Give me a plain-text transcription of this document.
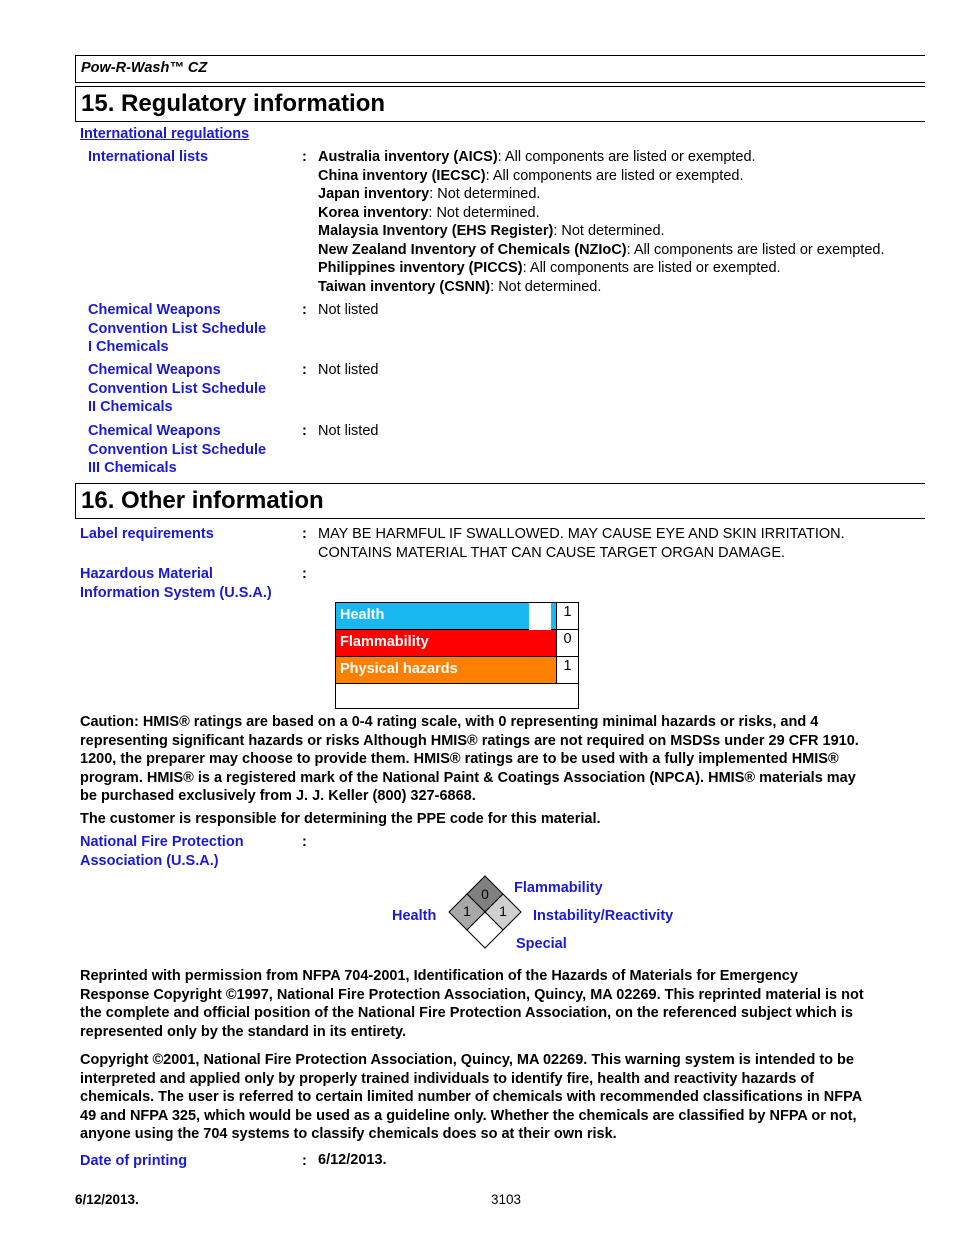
Pow-R-Wash™ CZ
15. Regulatory information
International regulations
International lists	: Australia inventory (AICS): All components are listed or exempted.
China inventory (IECSC): All components are listed or exempted.
Japan inventory: Not determined.
Korea inventory: Not determined.
Malaysia Inventory (EHS Register): Not determined.
New Zealand Inventory of Chemicals (NZIoC): All components are listed or exempted.
Philippines inventory (PICCS): All components are listed or exempted.
Taiwan inventory (CSNN): Not determined.
Chemical Weapons
Convention List Schedule
I Chemicals
: Not listed
Chemical Weapons
Convention List Schedule
II Chemicals
: Not listed
Chemical Weapons
Convention List Schedule
III Chemicals
: Not listed
16. Other information
Label requirements	: MAY BE HARMFUL IF SWALLOWED. MAY CAUSE EYE AND SKIN IRRITATION.
CONTAINS MATERIAL THAT CAN CAUSE TARGET ORGAN DAMAGE.
Hazardous Material
Information System (U.S.A.)
:
Health	1
Flammability	0
Physical hazards	1
Caution: HMIS® ratings are based on a 0-4 rating scale, with 0 representing minimal hazards or risks, and 4
representing significant hazards or risks Although HMIS® ratings are not required on MSDSs under 29 CFR 1910.
1200, the preparer may choose to provide them. HMIS® ratings are to be used with a fully implemented HMIS®
program. HMIS® is a registered mark of the National Paint & Coatings Association (NPCA). HMIS® materials may
be purchased exclusively from J. J. Keller (800) 327-6868.
The customer is responsible for determining the PPE code for this material.
National Fire Protection
Association (U.S.A.)
:
0
1 1
Flammability
Health	Instability/Reactivity
Special
Reprinted with permission from NFPA 704-2001, Identification of the Hazards of Materials for Emergency
Response Copyright ©1997, National Fire Protection Association, Quincy, MA 02269. This reprinted material is not
the complete and official position of the National Fire Protection Association, on the referenced subject which is
represented only by the standard in its entirety.
Copyright ©2001, National Fire Protection Association, Quincy, MA 02269. This warning system is intended to be
interpreted and applied only by properly trained individuals to identify fire, health and reactivity hazards of
chemicals. The user is referred to certain limited number of chemicals with recommended classifications in NFPA
49 and NFPA 325, which would be used as a guideline only. Whether the chemicals are classified by NFPA or not,
anyone using the 704 systems to classify chemicals does so at their own risk.
Date of printing	: 6/12/2013.
6/12/2013.	3103
